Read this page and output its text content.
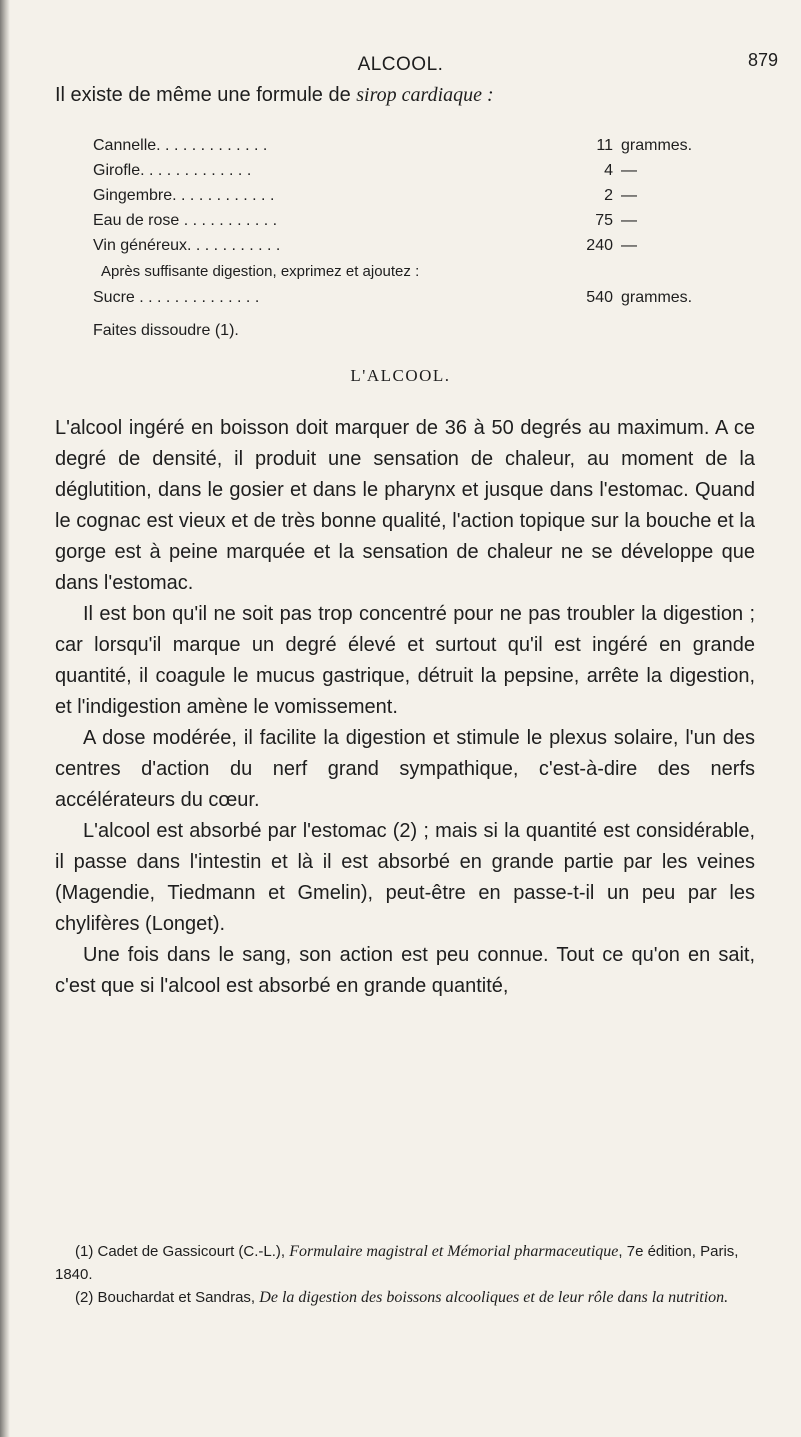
ALCOOL.	879
Il existe de même une formule de sirop cardiaque :
Cannelle. . . . . . . . . . . . .	11 grammes.
Girofle. . . . . . . . . . . . .	4 —
Gingembre. . . . . . . . . . . .	2 —
Eau de rose . . . . . . . . . . .	75 —
Vin généreux. . . . . . . . . . .	240 —
Après suffisante digestion, exprimez et ajoutez :
Sucre . . . . . . . . . . . . . .	540 grammes.
Faites dissoudre (1).
L'ALCOOL.

L'alcool ingéré en boisson doit marquer de 36 à 50 degrés au maximum. A ce degré de densité, il produit une sensation de chaleur, au moment de la déglutition, dans le gosier et dans le pharynx et jusque dans l'estomac. Quand le cognac est vieux et de très bonne qualité, l'action topique sur la bouche et la gorge est à peine marquée et la sensation de chaleur ne se développe que dans l'estomac.

Il est bon qu'il ne soit pas trop concentré pour ne pas troubler la digestion ; car lorsqu'il marque un degré élevé et surtout qu'il est ingéré en grande quantité, il coagule le mucus gastrique, détruit la pepsine, arrête la digestion, et l'indigestion amène le vomissement.

A dose modérée, il facilite la digestion et stimule le plexus solaire, l'un des centres d'action du nerf grand sympathique, c'est-à-dire des nerfs accélérateurs du cœur.

L'alcool est absorbé par l'estomac (2) ; mais si la quantité est considérable, il passe dans l'intestin et là il est absorbé en grande partie par les veines (Magendie, Tiedmann et Gmelin), peut-être en passe-t-il un peu par les chylifères (Longet).

Une fois dans le sang, son action est peu connue. Tout ce qu'on en sait, c'est que si l'alcool est absorbé en grande quantité,

(1) Cadet de Gassicourt (C.-L.), Formulaire magistral et Mémorial pharmaceutique, 7e édition, Paris, 1840.

(2) Bouchardat et Sandras, De la digestion des boissons alcooliques et de leur rôle dans la nutrition.
